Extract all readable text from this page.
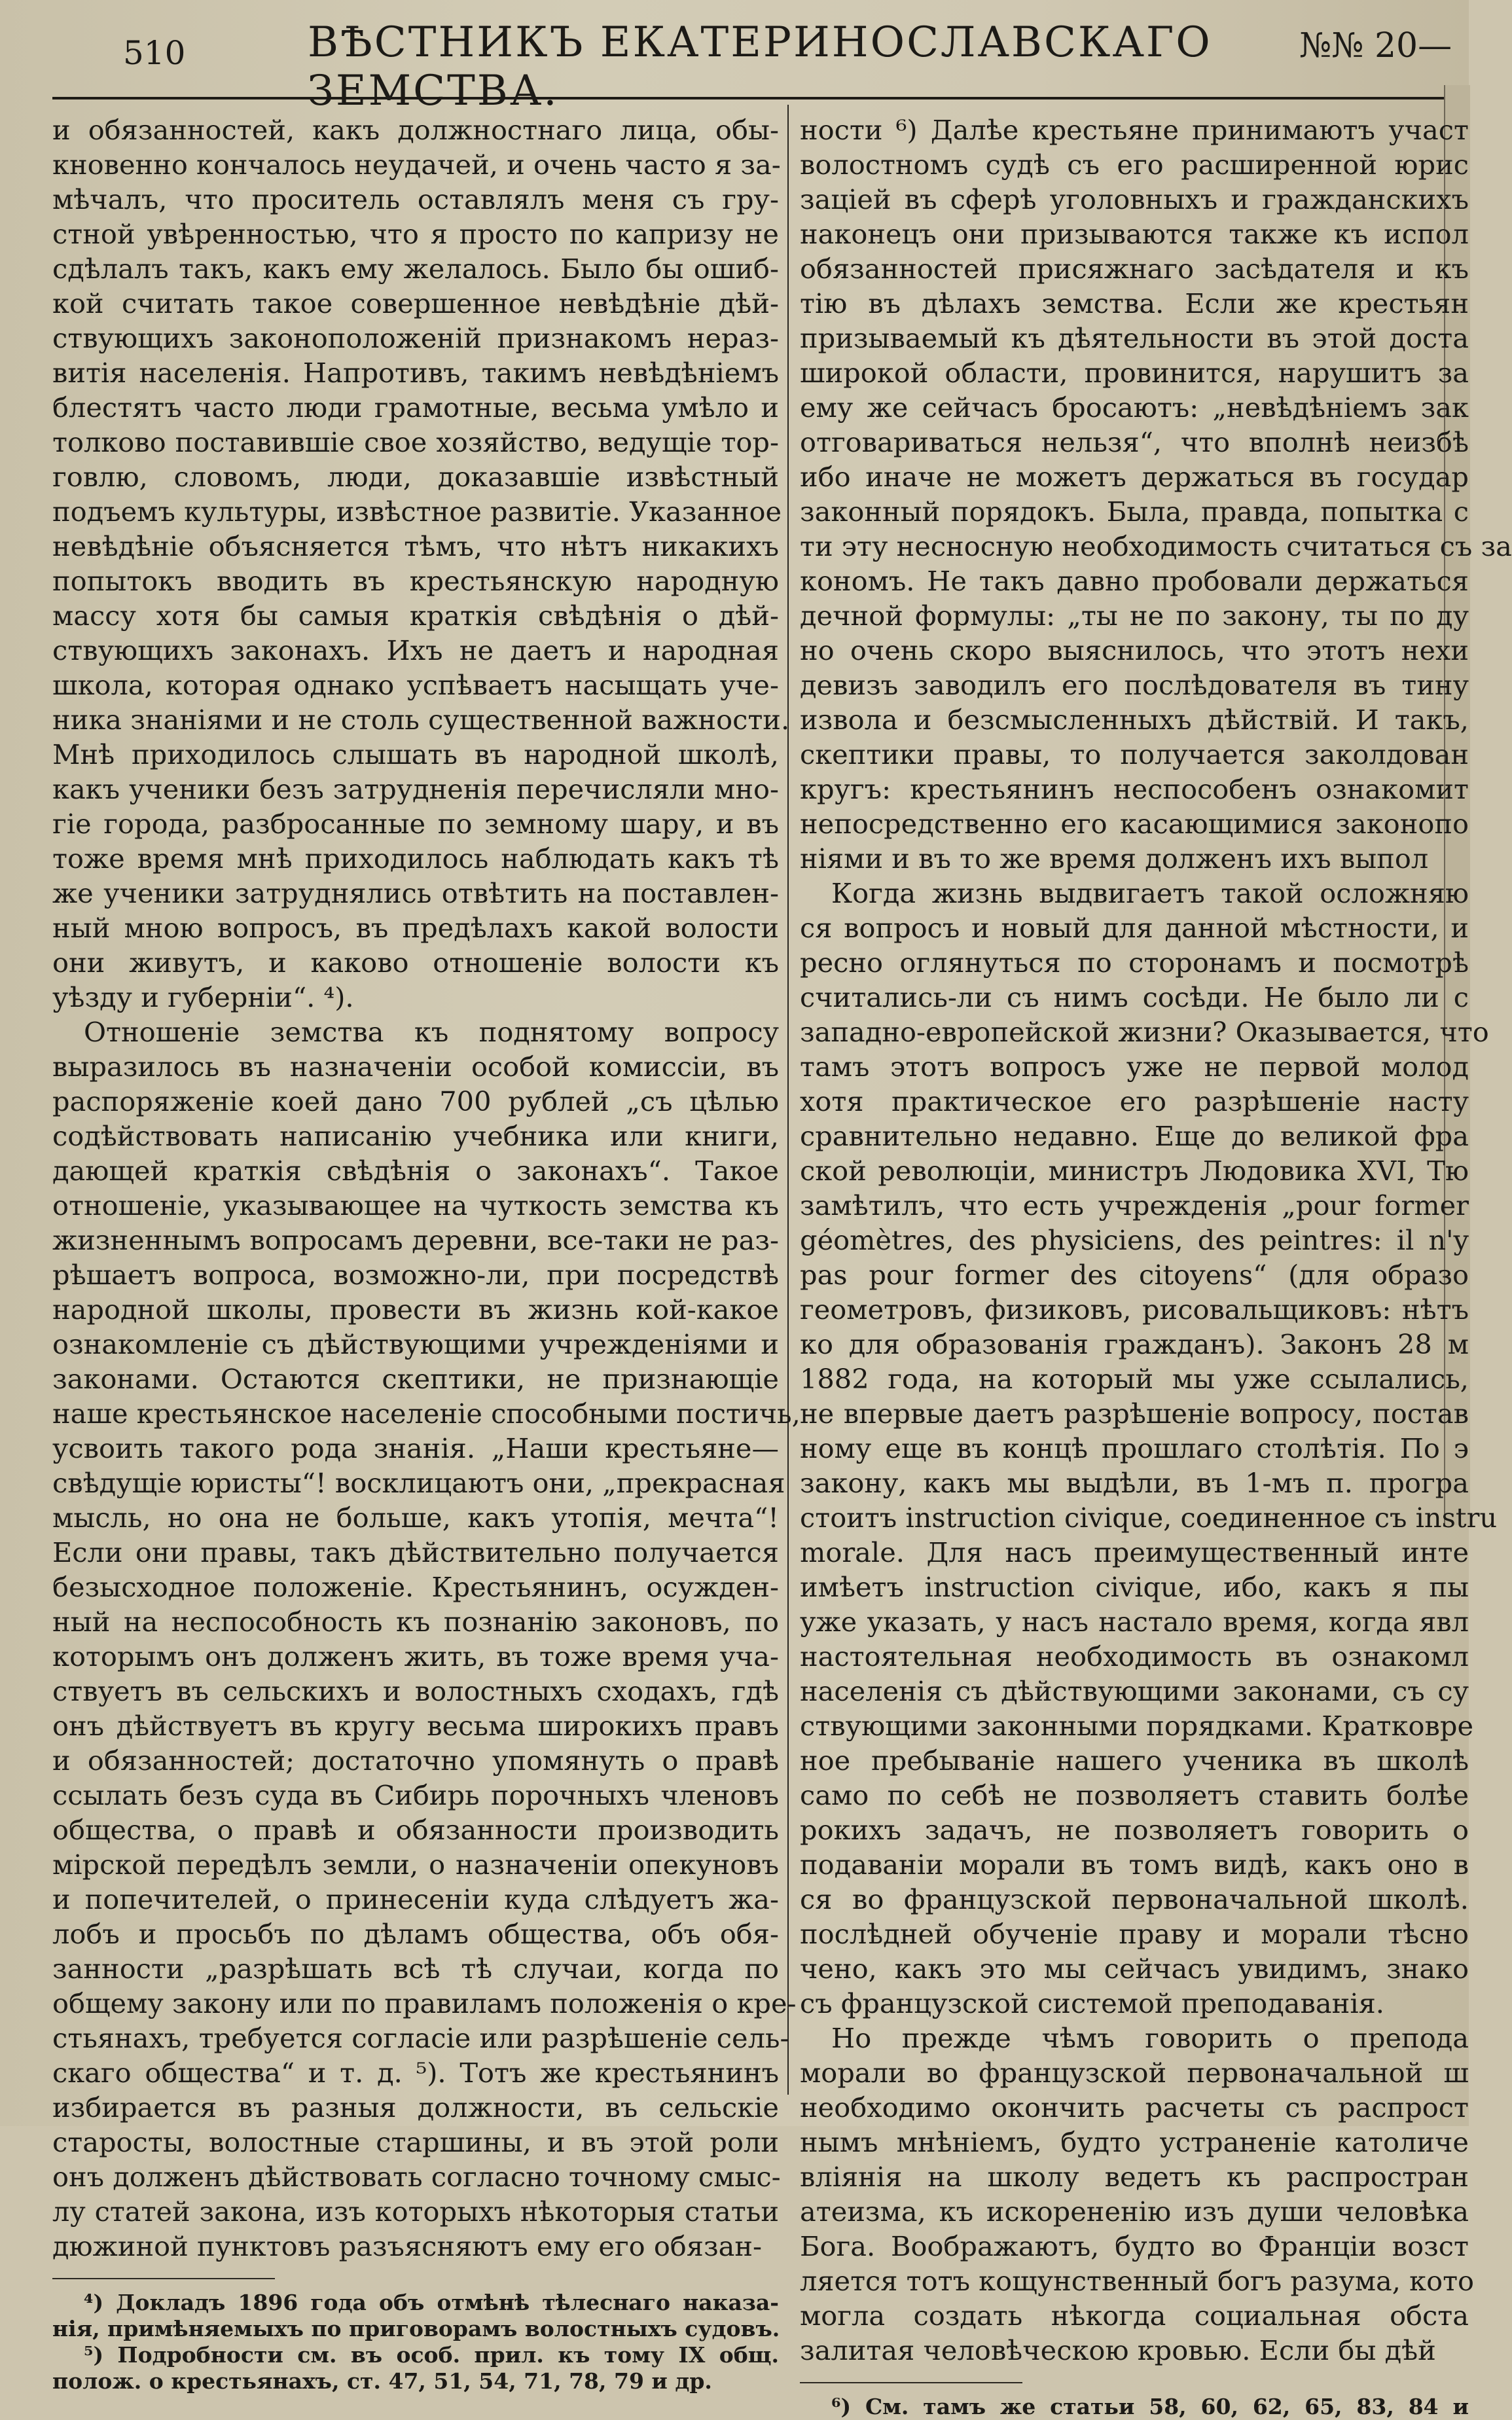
510	ВѢСТНИКЪ ЕКАТЕРИНОСЛАВСКАГО ЗЕМСТВА.
№№ 20—
и обязанностей, какъ должностнаго лица, обы-
кновенно кончалось неудачей, и очень часто я за-
мѣчалъ, что проситель оставлялъ меня съ гру-
стной увѣренностью, что я просто по капризу не
сдѣлалъ такъ, какъ ему желалось. Было бы ошиб-
кой считать такое совершенное невѣдѣнiе дѣй-
ствующихъ законоположенiй признакомъ нераз-
витiя населенiя. Напротивъ, такимъ невѣдѣнiемъ
блестятъ часто люди грамотные, весьма умѣло и
толково поставившiе свое хозяйство, ведущiе тор-
говлю, словомъ, люди, доказавшiе извѣстный
подъемъ культуры, извѣстное развитiе. Указанное
невѣдѣнiе объясняется тѣмъ, что нѣтъ никакихъ
попытокъ вводить въ крестьянскую народную
массу хотя бы самыя краткiя свѣдѣнiя о дѣй-
ствующихъ законахъ. Ихъ не даетъ и народная
школа, которая однако успѣваетъ насыщать уче-
ника знанiями и не столь существенной важности.
Мнѣ приходилось слышать въ народной школѣ,
какъ ученики безъ затрудненiя перечисляли мно-
гiе города, разбросанные по земному шару, и въ
тоже время мнѣ приходилось наблюдать какъ тѣ
же ученики затруднялись отвѣтить на поставлен-
ный мною вопросъ, въ предѣлахъ какой волости
они живутъ, и каково отношенiе волости къ
уѣзду и губернiи“. ⁴).
Отношенiе земства къ поднятому вопросу
выразилось въ назначенiи особой комиссiи, въ
распоряженiе коей дано 700 рублей „съ цѣлью
содѣйствовать написанiю учебника или книги,
дающей краткiя свѣдѣнiя о законахъ“. Такое
отношенiе, указывающее на чуткость земства къ
жизненнымъ вопросамъ деревни, все-таки не раз-
рѣшаетъ вопроса, возможно-ли, при посредствѣ
народной школы, провести въ жизнь кой-какое
ознакомленiе съ дѣйствующими учрежденiями и
законами. Остаются скептики, не признающiе
наше крестьянское населенiе способными постичь,
усвоить такого рода знанiя. „Наши крестьяне—
свѣдущiе юристы“! восклицаютъ они, „прекрасная
мысль, но она не больше, какъ утопiя, мечта“!
Если они правы, такъ дѣйствительно получается
безысходное положенiе. Крестьянинъ, осужден-
ный на неспособность къ познанiю законовъ, по
которымъ онъ долженъ жить, въ тоже время уча-
ствуетъ въ сельскихъ и волостныхъ сходахъ, гдѣ
онъ дѣйствуетъ въ кругу весьма широкихъ правъ
и обязанностей; достаточно упомянуть о правѣ
ссылать безъ суда въ Сибирь порочныхъ членовъ
общества, о правѣ и обязанности производить
мiрской передѣлъ земли, о назначенiи опекуновъ
и попечителей, о принесенiи куда слѣдуетъ жа-
лобъ и просьбъ по дѣламъ общества, объ обя-
занности „разрѣшать всѣ тѣ случаи, когда по
общему закону или по правиламъ положенiя о кре-
стьянахъ, требуется согласiе или разрѣшенiе сель-
скаго общества“ и т. д. ⁵). Тотъ же крестьянинъ
избирается въ разныя должности, въ сельскiе
старосты, волостные старшины, и въ этой роли
онъ долженъ дѣйствовать согласно точному смыс-
лу статей закона, изъ которыхъ нѣкоторыя статьи
дюжиной пунктовъ разъясняютъ ему его обязан-
⁴) Докладъ 1896 года объ отмѣнѣ тѣлеснаго наказа-
нiя, примѣняемыхъ по приговорамъ волостныхъ судовъ.
⁵) Подробности см. въ особ. прил. къ тому IX общ.
полож. о крестьянахъ, ст. 47, 51, 54, 71, 78, 79 и др.
ности ⁶) Далѣе крестьяне принимаютъ участ
волостномъ судѣ съ его расширенной юрис
зацiей въ сферѣ уголовныхъ и гражданскихъ
наконецъ они призываются также къ испол
обязанностей присяжнаго засѣдателя и къ
тiю въ дѣлахъ земства. Если же крестьян
призываемый къ дѣятельности въ этой доста
широкой области, провинится, нарушитъ за
ему же сейчасъ бросаютъ: „невѣдѣнiемъ зак
отговариваться нельзя“, что вполнѣ неизбѣ
ибо иначе не можетъ держаться въ государ
законный порядокъ. Была, правда, попытка с
ти эту несносную необходимость считаться съ за
кономъ. Не такъ давно пробовали держаться
дечной формулы: „ты не по закону, ты по ду
но очень скоро выяснилось, что этотъ нехи
девизъ заводилъ его послѣдователя въ тину
извола и безсмысленныхъ дѣйствiй. И такъ,
скептики правы, то получается заколдован
кругъ: крестьянинъ неспособенъ ознакомит
непосредственно его касающимися законопо
нiями и въ то же время долженъ ихъ выпол
Когда жизнь выдвигаетъ такой осложняю
ся вопросъ и новый для данной мѣстности, и
ресно оглянуться по сторонамъ и посмотрѣ
считались-ли съ нимъ сосѣди. Не было ли с
западно-европейской жизни? Оказывается, что
тамъ этотъ вопросъ уже не первой молод
хотя практическое его разрѣшенiе насту
сравнительно недавно. Еще до великой фра
ской революцiи, министръ Людовика XVI, Тю
замѣтилъ, что есть учрежденiя „pour former
géomètres, des physiciens, des peintres: il n'y
pas pour former des citoyens“ (для образо
геометровъ, физиковъ, рисовальщиковъ: нѣтъ
ко для образованiя гражданъ). Законъ 28 м
1882 года, на который мы уже ссылались,
не впервые даетъ разрѣшенiе вопросу, постав
ному еще въ концѣ прошлаго столѣтiя. По э
закону, какъ мы выдѣли, въ 1-мъ п. програ
стоитъ instruction civique, соединенное съ instru
morale. Для насъ преимущественный инте
имѣетъ instruction civique, ибо, какъ я пы
уже указать, у насъ настало время, когда явл
настоятельная необходимость въ ознакомл
населенiя съ дѣйствующими законами, съ су
ствующими законными порядками. Кратковре
ное пребыванiе нашего ученика въ школѣ
само по себѣ не позволяетъ ставить болѣе
рокихъ задачъ, не позволяетъ говорить о
подаванiи морали въ томъ видѣ, какъ оно в
ся во французской первоначальной школѣ.
послѣдней обученiе праву и морали тѣсно
чено, какъ это мы сейчасъ увидимъ, знако
съ французской системой преподаванiя.
Но прежде чѣмъ говорить о препода
морали во французской первоначальной ш
необходимо окончить расчеты съ распрост
нымъ мнѣнiемъ, будто устраненiе католиче
влiянiя на школу ведетъ къ распростран
атеизма, къ искорененiю изъ души человѣка
Бога. Воображаютъ, будто во Францiи возст
ляется тотъ кощунственный богъ разума, кото
могла создать нѣкогда социальная обста
залитая человѣческою кровью. Если бы дѣй
⁶) См. тамъ же статьи 58, 60, 62, 65, 83, 84 и
